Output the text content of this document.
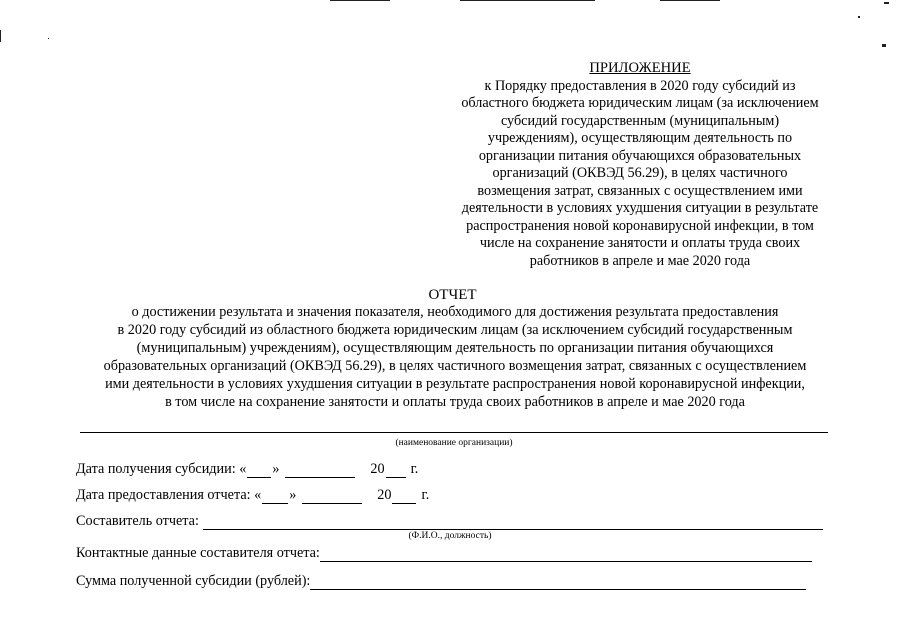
ПРИЛОЖЕНИЕ
к Порядку предоставления в 2020 году субсидий из
областного бюджета юридическим лицам (за исключением
субсидий государственным (муниципальным)
учреждениям), осуществляющим деятельность по
организации питания обучающихся образовательных
организаций (ОКВЭД 56.29), в целях частичного
возмещения затрат, связанных с осуществлением ими
деятельности в условиях ухудшения ситуации в результате
распространения новой коронавирусной инфекции, в том
числе на сохранение занятости и оплаты труда своих
работников в апреле и мае 2020 года
ОТЧЕТ
о достижении результата и значения показателя, необходимого для достижения результата предоставления
в 2020 году субсидий из областного бюджета юридическим лицам (за исключением субсидий государственным
(муниципальным) учреждениям), осуществляющим деятельность по организации питания обучающихся
образовательных организаций (ОКВЭД 56.29), в целях частичного возмещения затрат, связанных с осуществлением
ими деятельности в условиях ухудшения ситуации в результате распространения новой коронавирусной инфекции,
в том числе на сохранение занятости и оплаты труда своих работников в апреле и мае 2020 года
(наименование организации)
Дата получения субсидии: « »	20 г.
Дата предоставления отчета: « »	20 г.
Составитель отчета:
(Ф.И.О., должность)
Контактные данные составителя отчета:
Сумма полученной субсидии (рублей):
